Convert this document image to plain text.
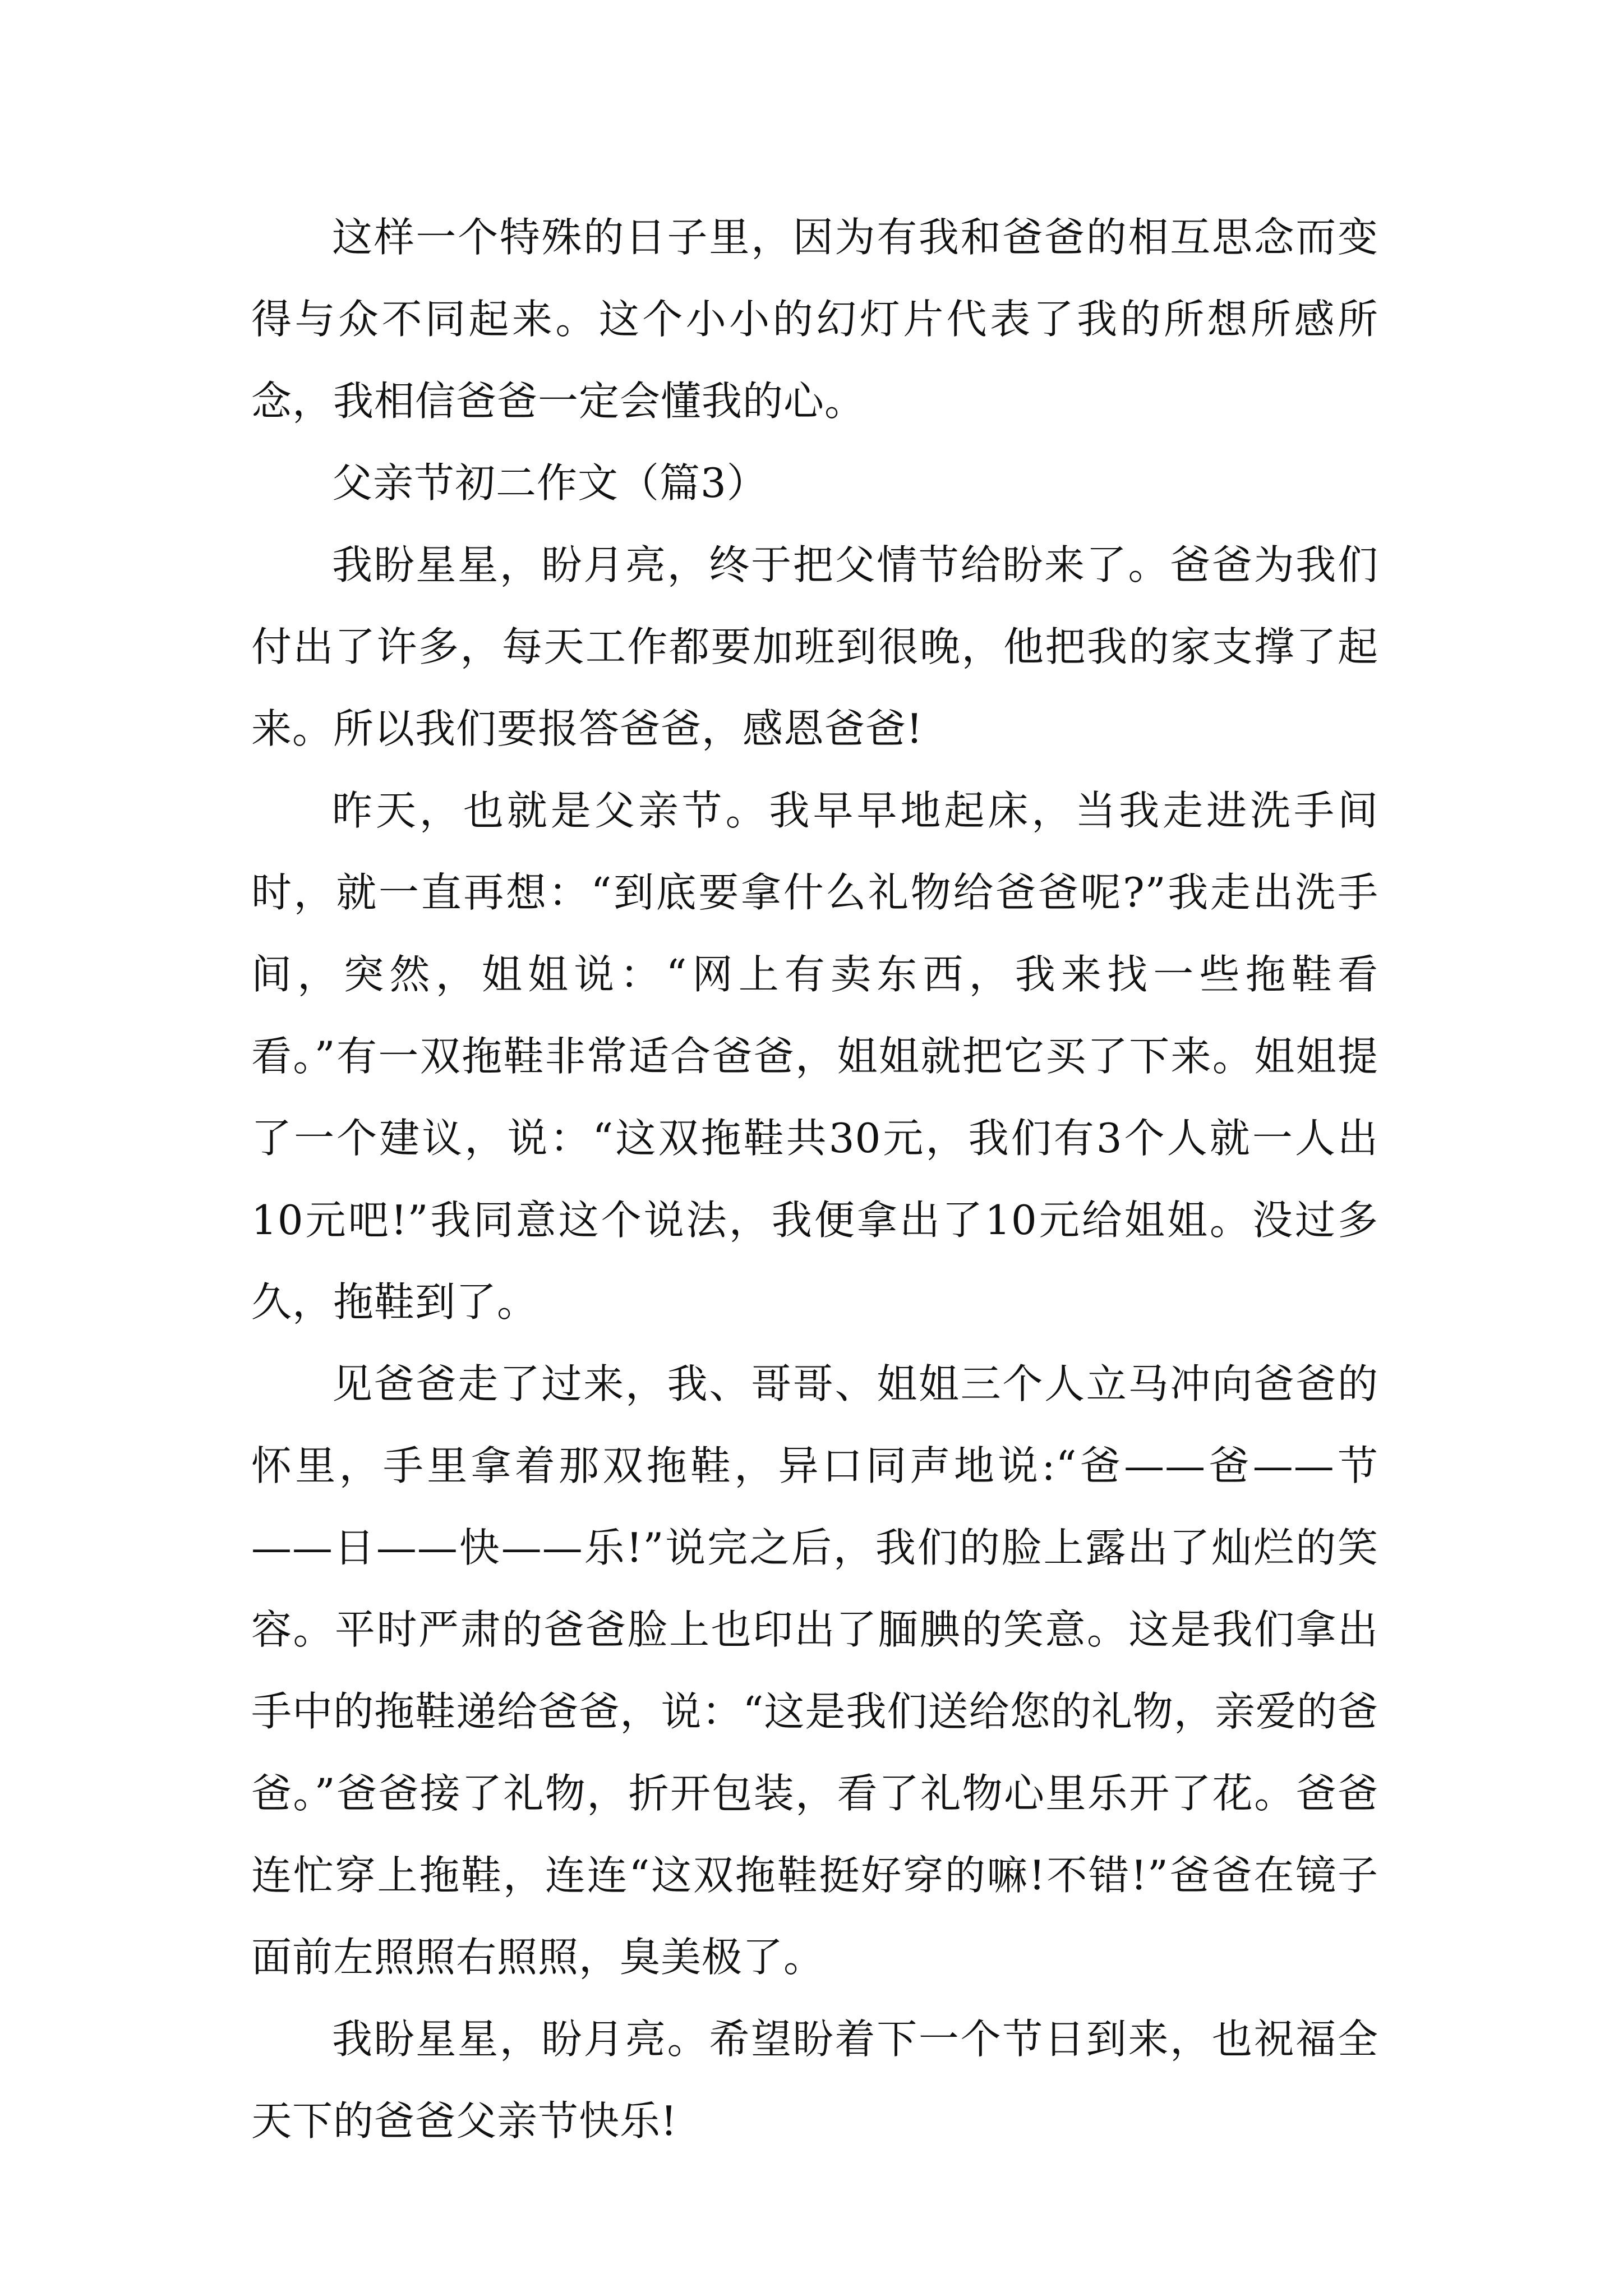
这样一个特殊的日子里，因为有我和爸爸的相互思念而变得与众不同起来。这个小小的幻灯片代表了我的所想所感所念，我相信爸爸一定会懂我的心。

父亲节初二作文（篇3）

我盼星星，盼月亮，终于把父情节给盼来了。爸爸为我们付出了许多，每天工作都要加班到很晚，他把我的家支撑了起来。所以我们要报答爸爸，感恩爸爸!

昨天，也就是父亲节。我早早地起床，当我走进洗手间时，就一直再想：“到底要拿什么礼物给爸爸呢?”我走出洗手间，突然，姐姐说：“网上有卖东西，我来找一些拖鞋看看。”有一双拖鞋非常适合爸爸，姐姐就把它买了下来。姐姐提了一个建议，说：“这双拖鞋共30元，我们有3个人就一人出10元吧!”我同意这个说法，我便拿出了10元给姐姐。没过多久，拖鞋到了。

见爸爸走了过来，我、哥哥、姐姐三个人立马冲向爸爸的怀里，手里拿着那双拖鞋，异口同声地说:“爸——爸——节——日——快——乐!”说完之后，我们的脸上露出了灿烂的笑容。平时严肃的爸爸脸上也印出了腼腆的笑意。这是我们拿出手中的拖鞋递给爸爸，说：“这是我们送给您的礼物，亲爱的爸爸。”爸爸接了礼物，折开包装，看了礼物心里乐开了花。爸爸连忙穿上拖鞋，连连“这双拖鞋挺好穿的嘛!不错!”爸爸在镜子面前左照照右照照，臭美极了。

我盼星星，盼月亮。希望盼着下一个节日到来，也祝福全天下的爸爸父亲节快乐!
